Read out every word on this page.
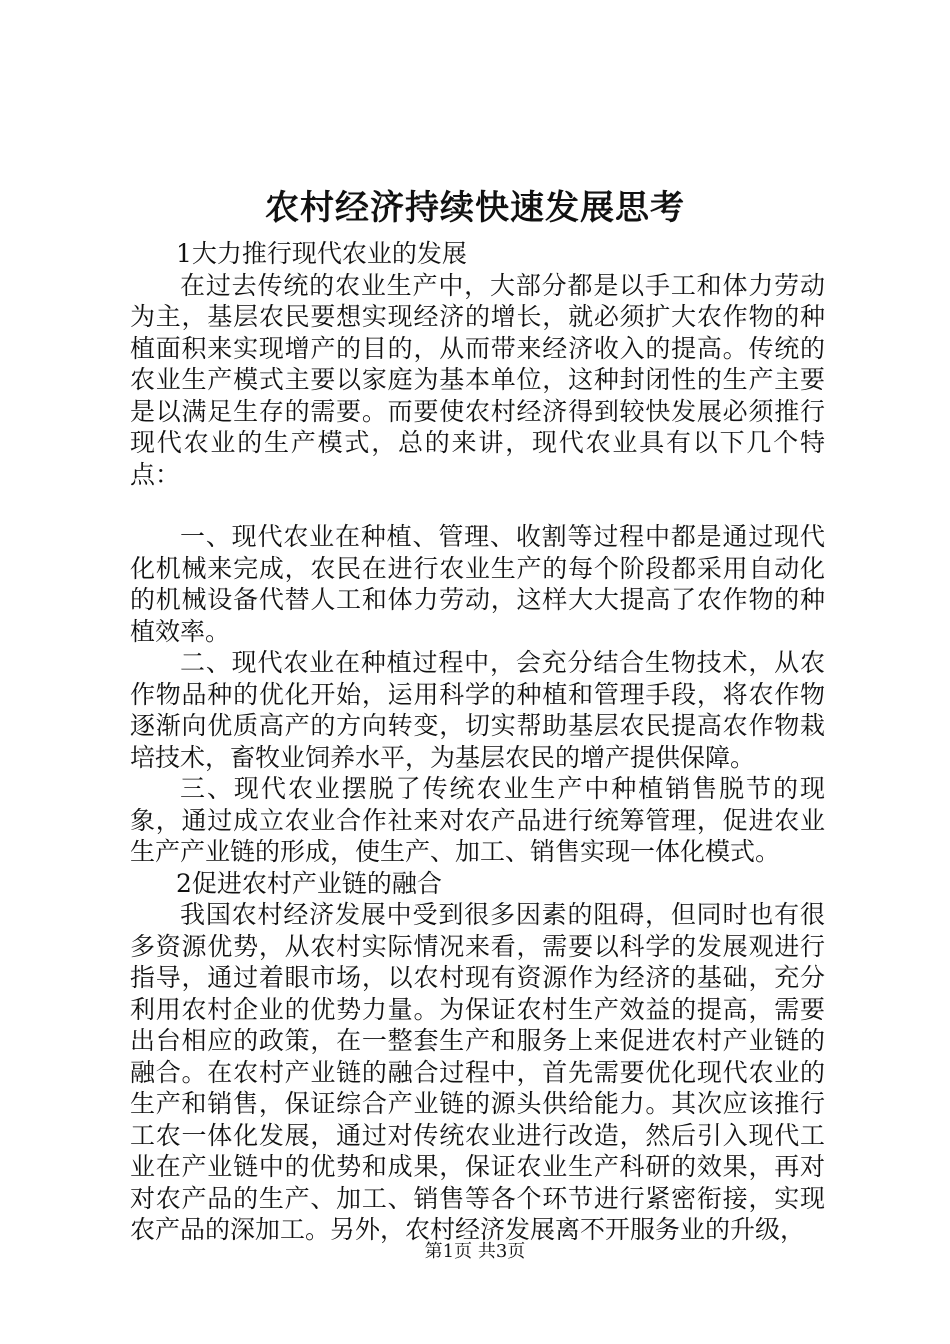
农村经济持续快速发展思考

1大力推行现代农业的发展

在过去传统的农业生产中，大部分都是以手工和体力劳动为主，基层农民要想实现经济的增长，就必须扩大农作物的种植面积来实现增产的目的，从而带来经济收入的提高。传统的农业生产模式主要以家庭为基本单位，这种封闭性的生产主要是以满足生存的需要。而要使农村经济得到较快发展必须推行现代农业的生产模式，总的来讲，现代农业具有以下几个特点：

一、现代农业在种植、管理、收割等过程中都是通过现代化机械来完成，农民在进行农业生产的每个阶段都采用自动化的机械设备代替人工和体力劳动，这样大大提高了农作物的种植效率。

二、现代农业在种植过程中，会充分结合生物技术，从农作物品种的优化开始，运用科学的种植和管理手段，将农作物逐渐向优质高产的方向转变，切实帮助基层农民提高农作物栽培技术，畜牧业饲养水平，为基层农民的增产提供保障。

三、现代农业摆脱了传统农业生产中种植销售脱节的现象，通过成立农业合作社来对农产品进行统筹管理，促进农业生产产业链的形成，使生产、加工、销售实现一体化模式。

2促进农村产业链的融合

我国农村经济发展中受到很多因素的阻碍，但同时也有很多资源优势，从农村实际情况来看，需要以科学的发展观进行指导，通过着眼市场，以农村现有资源作为经济的基础，充分利用农村企业的优势力量。为保证农村生产效益的提高，需要出台相应的政策，在一整套生产和服务上来促进农村产业链的融合。在农村产业链的融合过程中，首先需要优化现代农业的生产和销售，保证综合产业链的源头供给能力。其次应该推行工农一体化发展，通过对传统农业进行改造，然后引入现代工业在产业链中的优势和成果，保证农业生产科研的效果，再对对农产品的生产、加工、销售等各个环节进行紧密衔接，实现农产品的深加工。另外，农村经济发展离不开服务业的升级，

第1页 共3页
